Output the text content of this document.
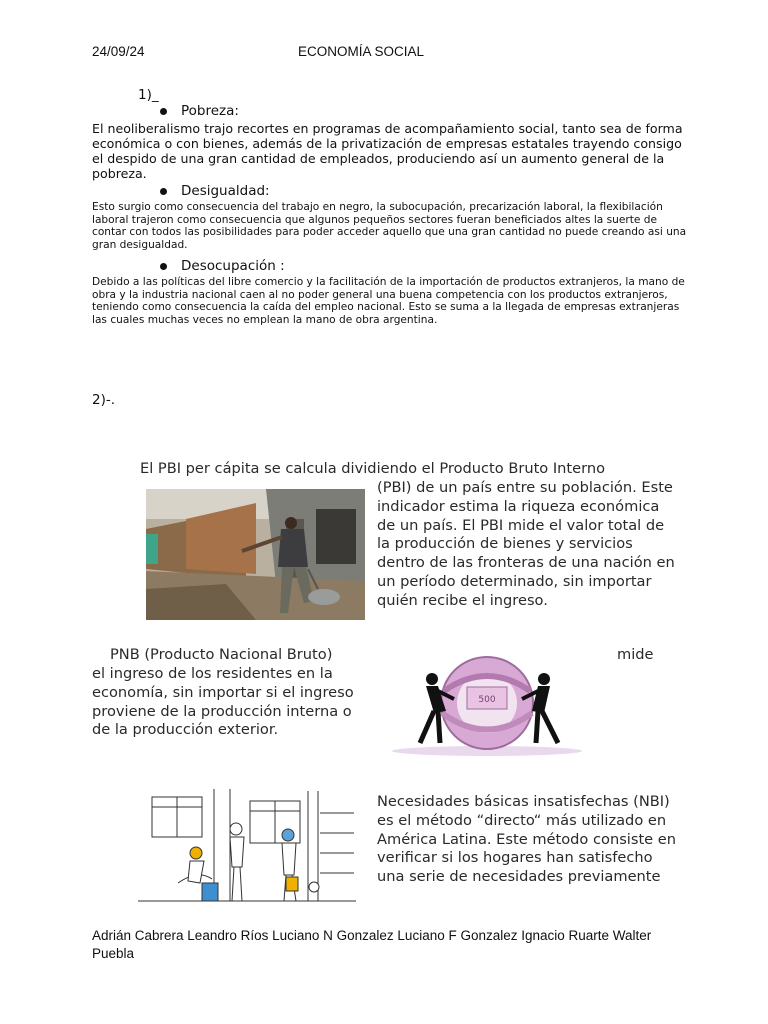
24/09/24	ECONOMÍA SOCIAL
1)_
Pobreza:
El neoliberalismo trajo recortes en programas de acompañamiento social, tanto sea de forma económica o con bienes, además de la privatización de empresas estatales trayendo consigo el despido de una gran cantidad de empleados, produciendo así un aumento general de la pobreza.
Desigualdad:
Esto surgio como consecuencia del trabajo en negro, la subocupación, precarización laboral, la flexibilación laboral trajeron como consecuencia que algunos pequeños sectores fueran beneficiados altes la suerte de contar con todos las posibilidades para poder acceder aquello que una gran cantidad no puede creando asi una gran desigualdad.
Desocupación :
Debido a las políticas del libre comercio y la facilitación de la importación de productos extranjeros, la mano de obra y la industria nacional caen al no poder general una buena competencia con los productos extranjeros, teniendo como consecuencia la caída del empleo nacional. Esto se suma a la llegada de empresas extranjeras las cuales muchas veces no emplean la mano de obra argentina.
2)-.
El PBI per cápita se calcula dividiendo el Producto Bruto Interno
(PBI) de un país entre su población. Este indicador estima la riqueza económica de un país. El PBI mide el valor total de la producción de bienes y servicios dentro de las fronteras de una nación en un período determinado, sin importar quién recibe el ingreso.
PNB (Producto Nacional Bruto)	mide
el ingreso de los residentes en la economía, sin importar si el ingreso proviene de la producción interna o de la producción exterior.
500
Necesidades básicas insatisfechas (NBI) es el método “directo“ más utilizado en América Latina. Este método consiste en verificar si los hogares han satisfecho una serie de necesidades previamente
Adrián Cabrera Leandro Ríos Luciano N Gonzalez Luciano F Gonzalez Ignacio Ruarte Walter Puebla
